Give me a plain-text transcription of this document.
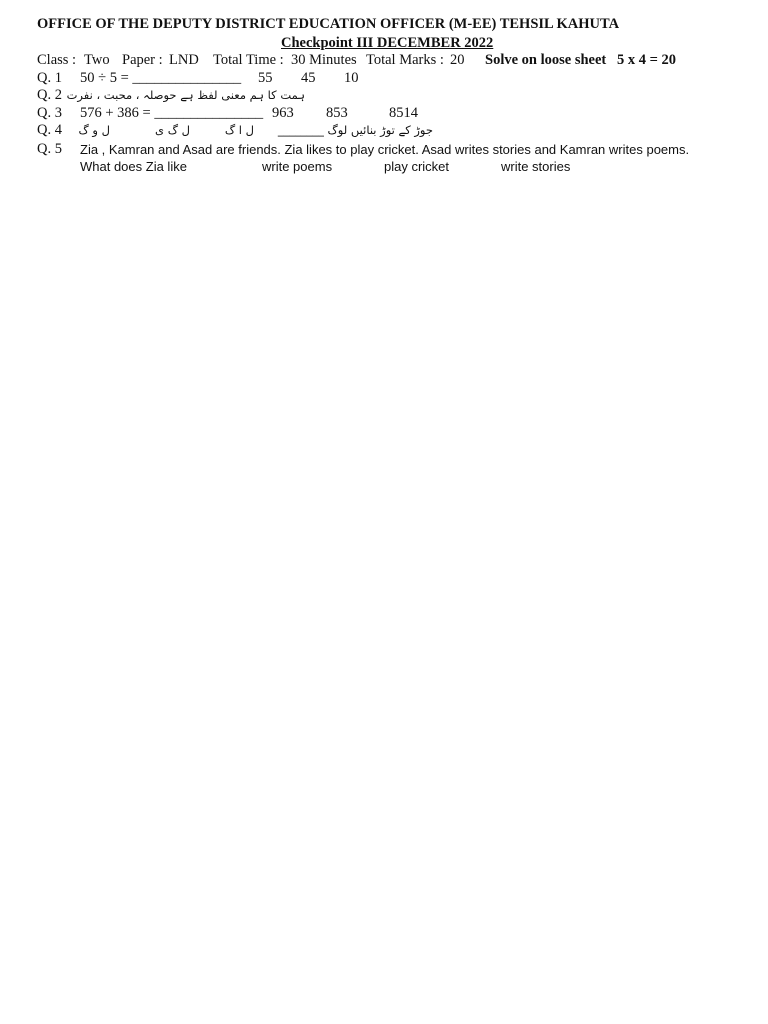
OFFICE OF THE DEPUTY DISTRICT EDUCATION OFFICER (M-EE) TEHSIL KAHUTA
Checkpoint III DECEMBER 2022
Class : Two Paper : LND Total Time : 30 Minutes Total Marks : 20 Solve on loose sheet 5 x 4 = 20
Q. 1 50 ÷ 5 = _______________ 55 45 10
Q. 2 ہمت کا ہم معنی لفظ ہے حوصلہ ، محبت ، نفرت
Q. 3 576 + 386 = _______________ 963 853	8514
Q. 4 ل و گ	ل گ ی	ل ا گ	جوڑ کے توڑ بنائیں لوگ ________
Q. 5 Zia , Kamran and Asad are friends. Zia likes to play cricket. Asad writes stories and Kamran writes poems.
What does Zia like	write poems	play cricket	write stories
